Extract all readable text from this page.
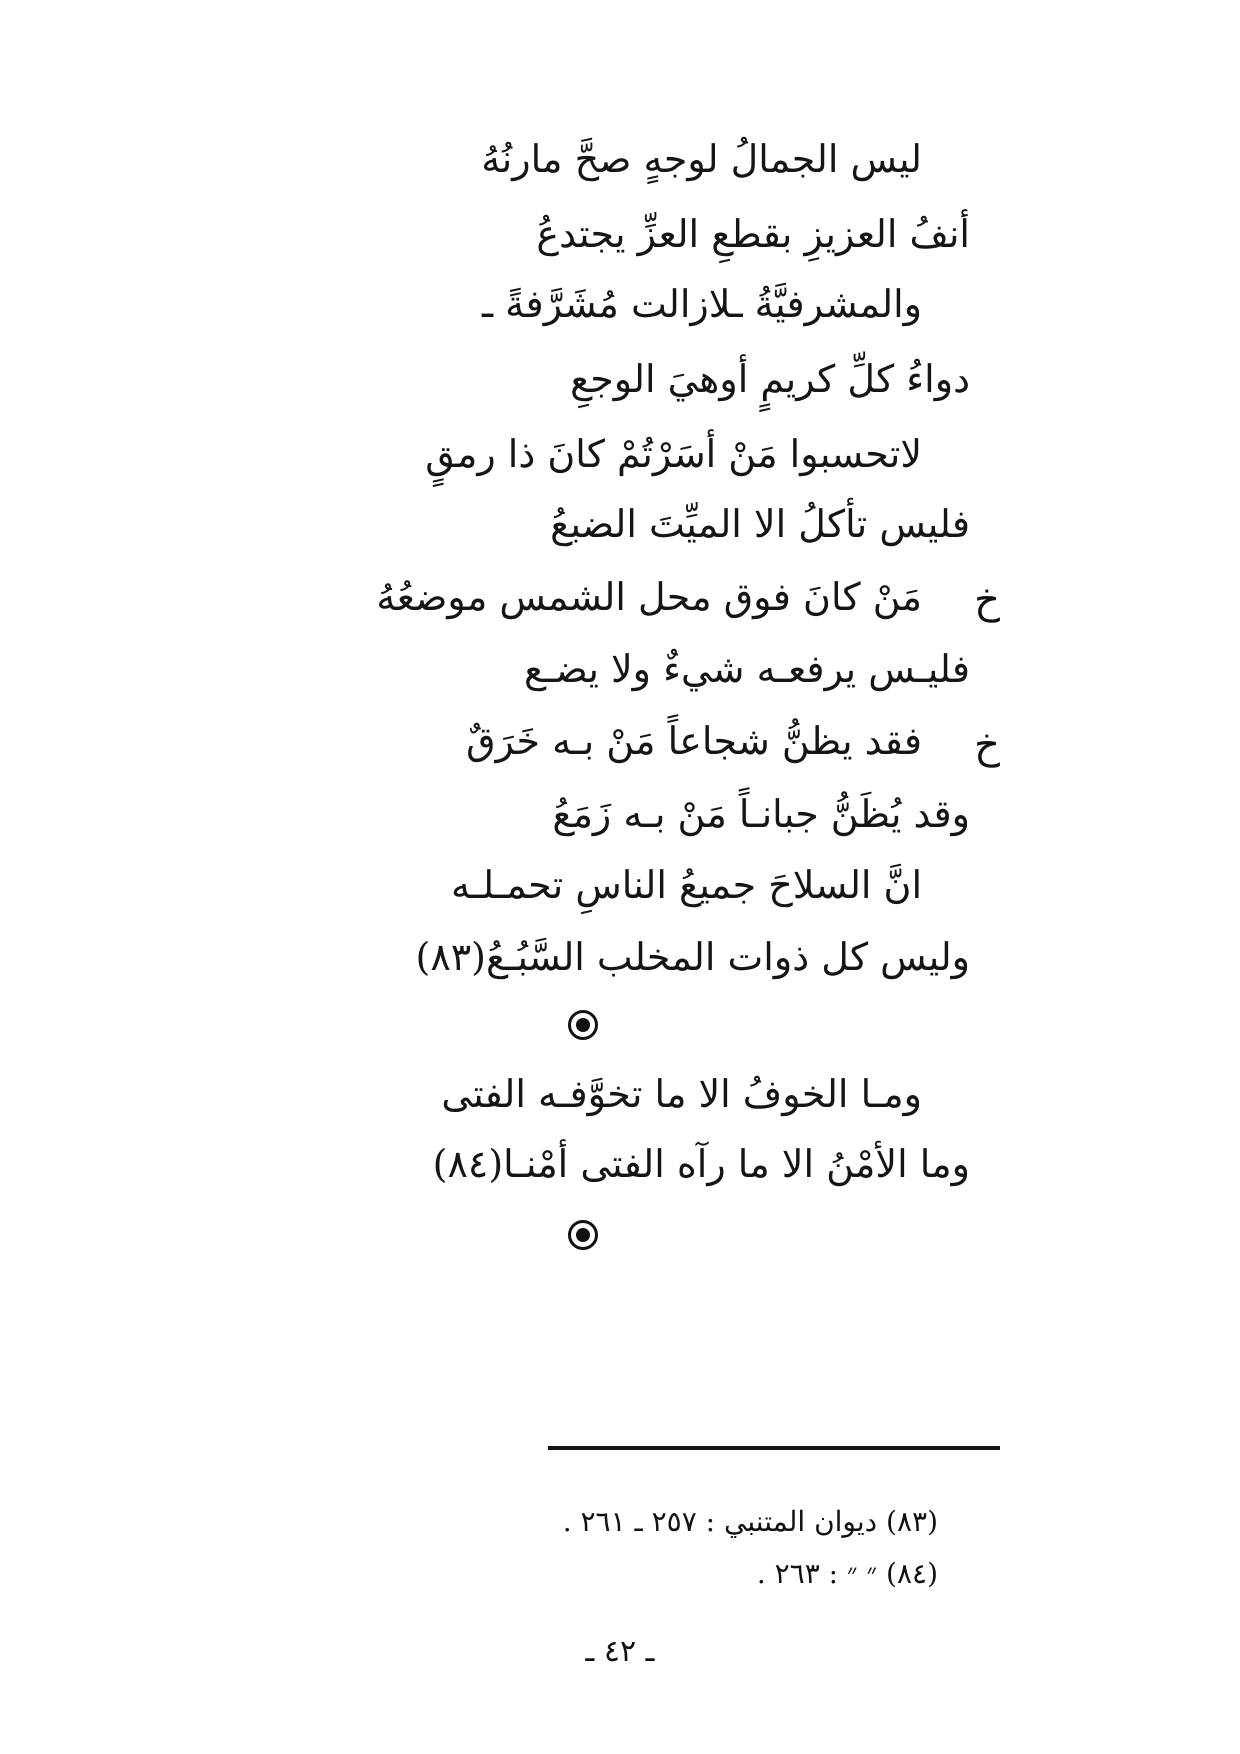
ليس الجمالُ لوجهٍ صحَّ مارنُهُ
أنفُ العزيزِ بقطعِ العزِّ يجتدعُ
والمشرفيَّةُ ـلازالت مُشَرَّفةً ـ
دواءُ كلِّ كريمٍ أوهيَ الوجعِ
لاتحسبوا مَنْ أسَرْتُمْ كانَ ذا رمقٍ
فليس تأكلُ الا الميِّتَ الضبعُ
خ
مَنْ كانَ فوق محل الشمس موضعُهُ
فليـس يرفعـه شيءٌ ولا يضـع
خ
فقد يظنُّ شجاعاً مَنْ بـه خَرَقٌ
وقد يُظَنُّ جبانـاً مَنْ بـه زَمَعُ
انَّ السلاحَ جميعُ الناسِ تحمـلـه
وليس كل ذوات المخلب السَّبُـعُ(٨٣)
ومـا الخوفُ الا ما تخوَّفـه الفتى
وما الأمْنُ الا ما رآه الفتى أمْنـا(٨٤)
(٨٣) ديوان المتنبي : ٢٥٧ ـ ٢٦١ .
(٨٤) ״ ״ : ٢٦٣ .
ـ ٤٢ ـ
